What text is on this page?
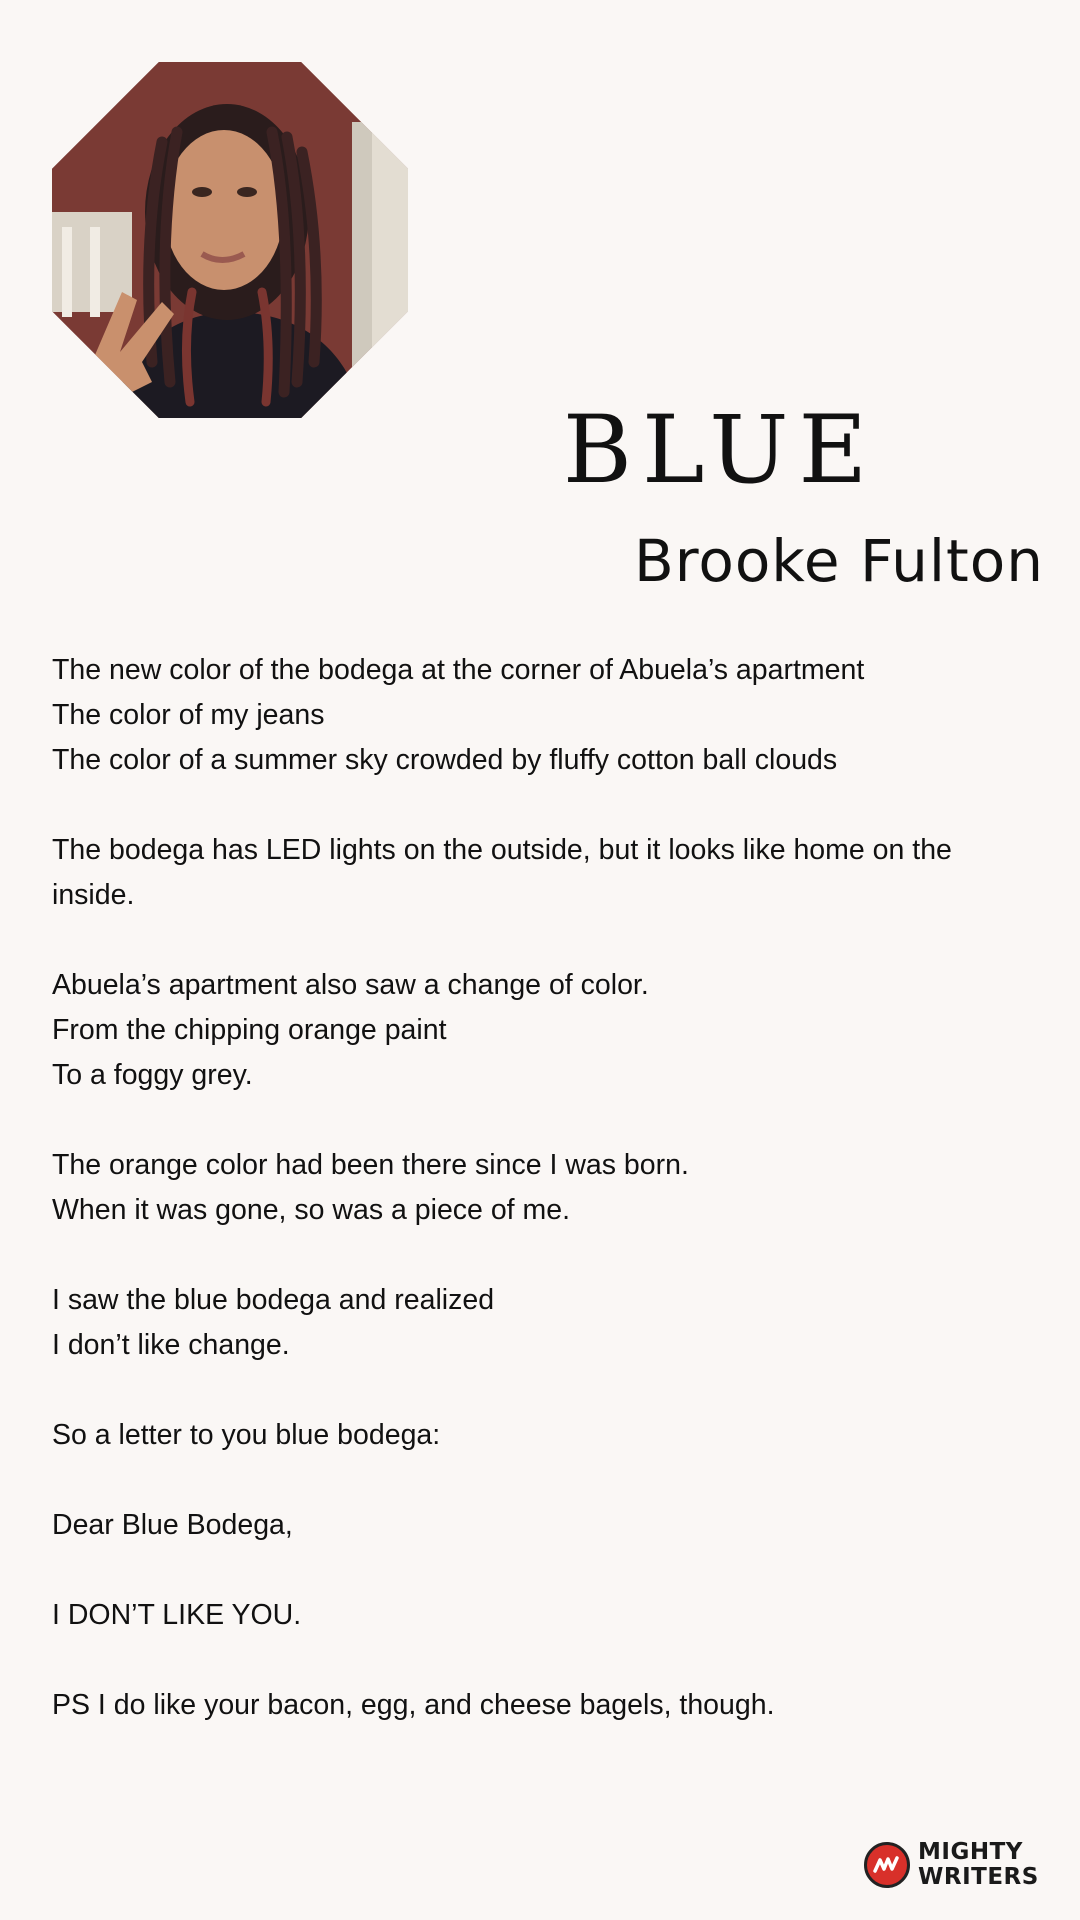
BLUE
Brooke Fulton
The new color of the bodega at the corner of Abuela’s apartment
The color of my jeans
The color of a summer sky crowded by fluffy cotton ball clouds
The bodega has LED lights on the outside, but it looks like home on the inside.
Abuela’s apartment also saw a change of color.
From the chipping orange paint
To a foggy grey.
The orange color had been there since I was born.
When it was gone, so was a piece of me.
I saw the blue bodega and realized
I don’t like change.
So a letter to you blue bodega:
Dear Blue Bodega,
I DON’T LIKE YOU.
PS I do like your bacon, egg, and cheese bagels, though.
MIGHTY
WRITERS
